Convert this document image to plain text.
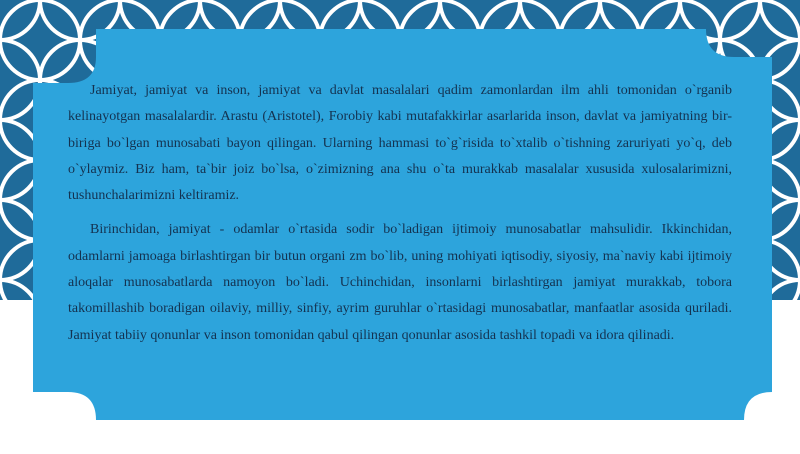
Jamiyat, jamiyat va inson, jamiyat va davlat masalalari qadim zamonlardan ilm ahli tomonidan o`rganib kelinayotgan masalalardir. Arastu (Aristotel), Forobiy kabi mutafakkirlar asarlarida inson, davlat va jamiyatning bir-biriga bo`lgan munosabati bayon qilingan. Ularning hammasi to`g`risida to`xtalib o`tishning zaruriyati yo`q, deb o`ylaymiz. Biz ham, ta`bir joiz bo`lsa, o`zimizning ana shu o`ta murakkab masalalar xususida xulosalarimizni, tushunchalarimizni keltiramiz.

Birinchidan, jamiyat - odamlar o`rtasida sodir bo`ladigan ijtimoiy munosabatlar mahsulidir. Ikkinchidan, odamlarni jamoaga birlashtirgan bir butun organi zm bo`lib, uning mohiyati iqtisodiy, siyosiy, ma`naviy kabi ijtimoiy aloqalar munosabatlarda namoyon bo`ladi. Uchinchidan, insonlarni birlashtirgan jamiyat murakkab, tobora takomillashib boradigan oilaviy, milliy, sinfiy, ayrim guruhlar o`rtasidagi munosabatlar, manfaatlar asosida quriladi. Jamiyat tabiiy qonunlar va inson tomonidan qabul qilingan qonunlar asosida tashkil topadi va idora qilinadi.
